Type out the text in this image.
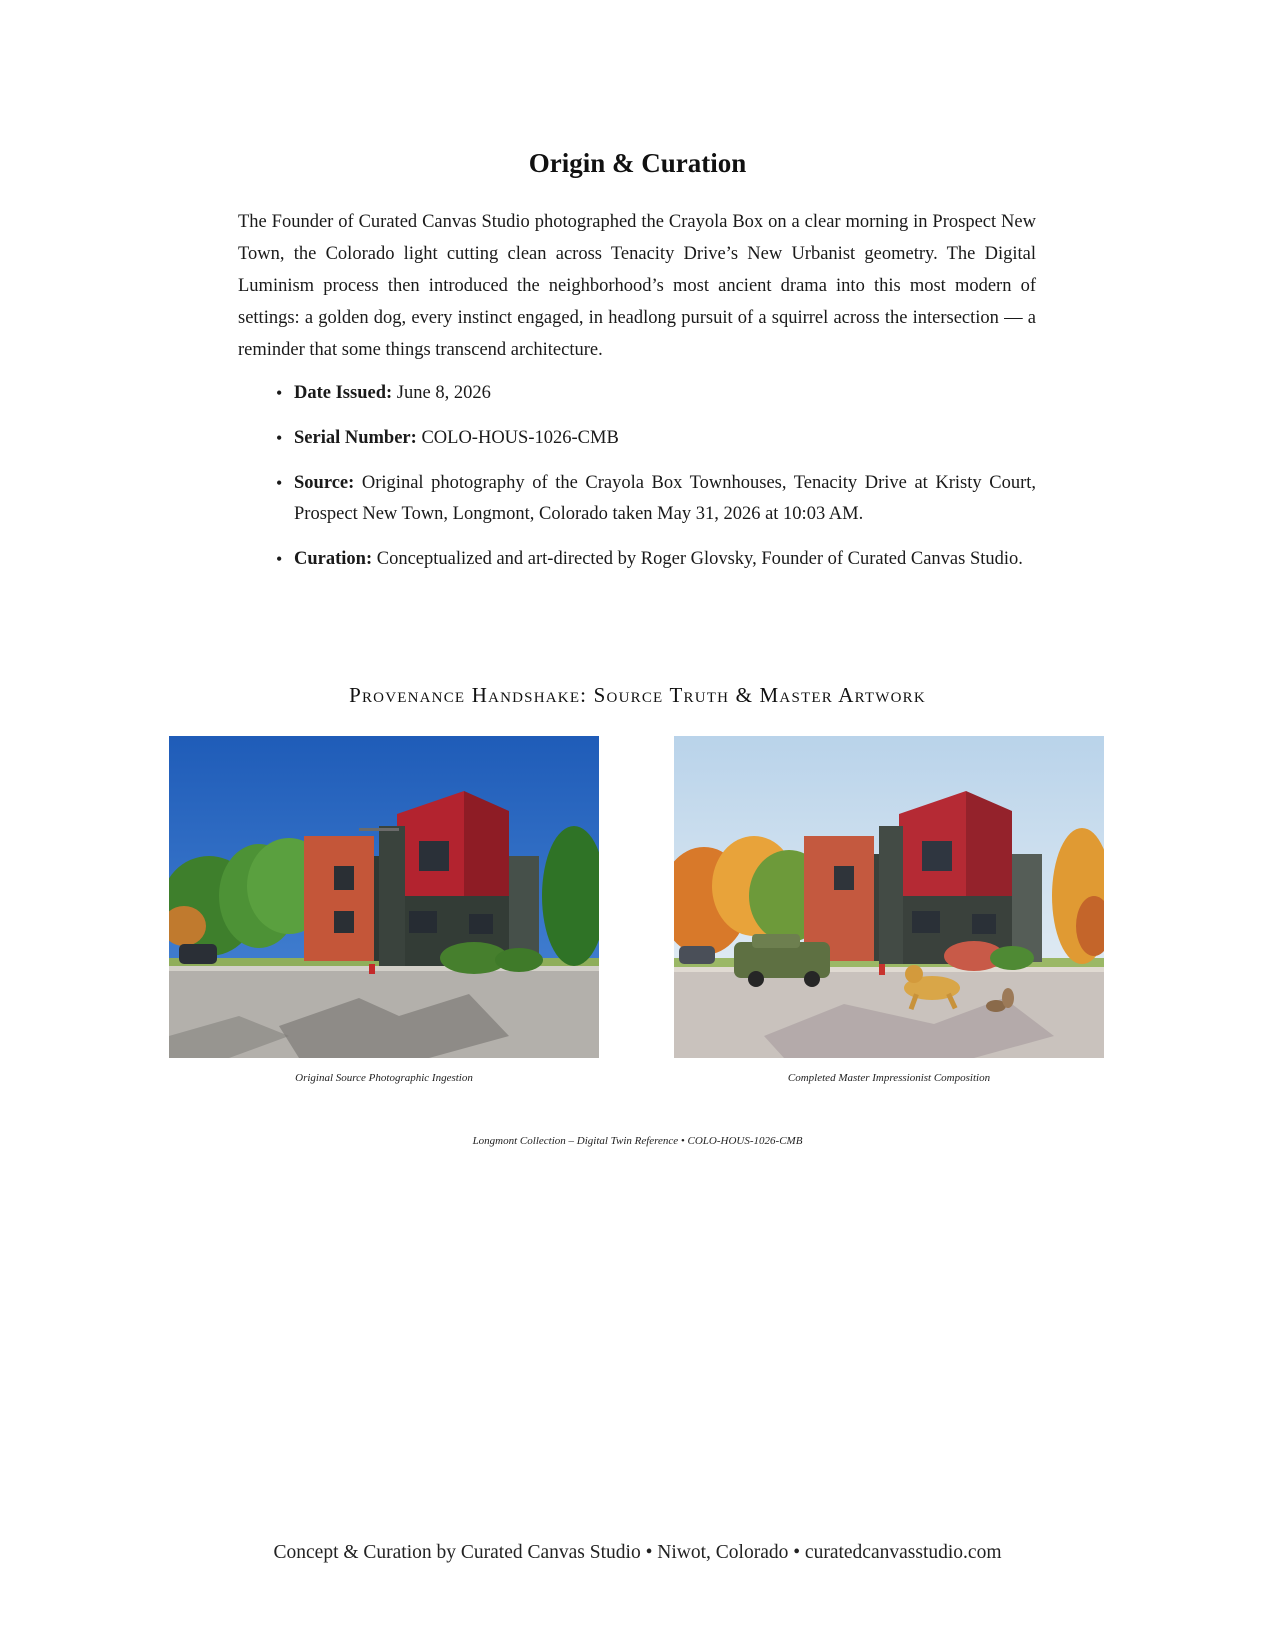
Origin & Curation

The Founder of Curated Canvas Studio photographed the Crayola Box on a clear morning in Prospect New Town, the Colorado light cutting clean across Tenacity Drive’s New Urbanist geometry. The Digital Luminism process then introduced the neighborhood’s most ancient drama into this most modern of settings: a golden dog, every instinct engaged, in headlong pursuit of a squirrel across the intersection — a reminder that some things transcend architecture.

• Date Issued: June 8, 2026
• Serial Number: COLO-HOUS-1026-CMB
• Source: Original photography of the Crayola Box Townhouses, Tenacity Drive at Kristy Court, Prospect New Town, Longmont, Colorado taken May 31, 2026 at 10:03 AM.
• Curation: Conceptualized and art-directed by Roger Glovsky, Founder of Curated Canvas Studio.
Provenance Handshake: Source Truth & Master Artwork
Original Source Photographic Ingestion	Completed Master Impressionist Composition
Longmont Collection – Digital Twin Reference • COLO-HOUS-1026-CMB
Concept & Curation by Curated Canvas Studio • Niwot, Colorado • curatedcanvasstudio.com
